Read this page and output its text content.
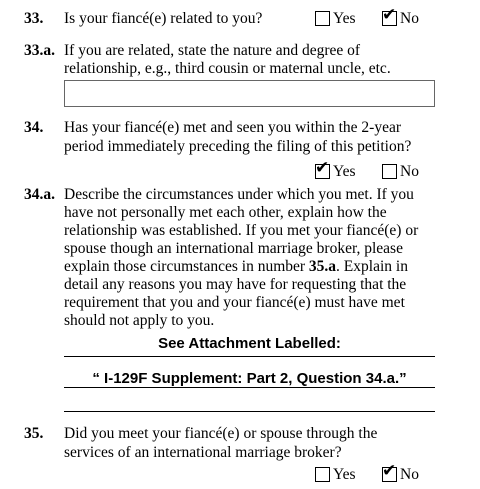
33. Is your fiancé(e) related to you?	Yes ✔ No
33.a. If you are related, state the nature and degree of
relationship, e.g., third cousin or maternal uncle, etc.
34. Has your fiancé(e) met and seen you within the 2-year
period immediately preceding the filing of this petition?
✔ Yes	No
34.a. Describe the circumstances under which you met. If you
have not personally met each other, explain how the
relationship was established. If you met your fiancé(e) or
spouse though an international marriage broker, please
explain those circumstances in number 35.a. Explain in
detail any reasons you may have for requesting that the
requirement that you and your fiancé(e) must have met
should not apply to you.
See Attachment Labelled:
“ I-129F Supplement: Part 2, Question 34.a.”
35. Did you meet your fiancé(e) or spouse through the
services of an international marriage broker?
Yes ✔ No
